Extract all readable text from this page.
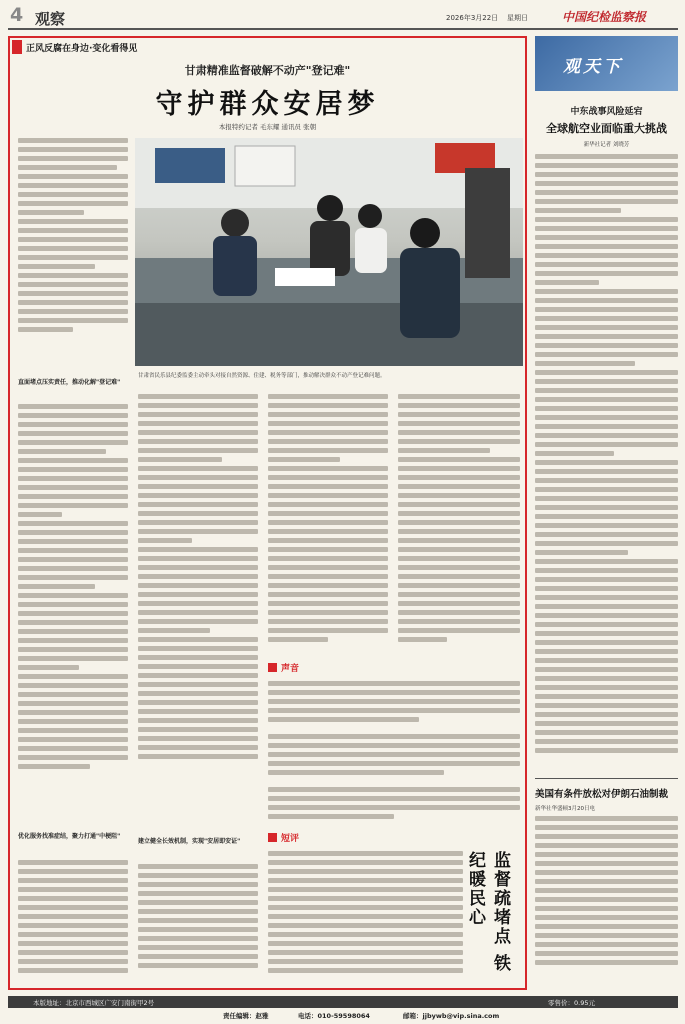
4 观察	2026年3月22日 星期日	中国纪检监察报
正风反腐在身边·变化看得见
甘肃精准监督破解不动产"登记难"
守护群众安居梦
本报特约记者 毛东耀 通讯员 张朝
甘肃省民乐县纪委监委主动牵头对接自然资源、住建、税务等部门，推动解决群众不动产登记难问题。
直面堵点压实责任，推动化解"登记难"
优化服务找准症结，聚力打通"中梗阻"
声音
短评
监督疏堵点 铁纪暖民心
建立健全长效机制，实现"安居即安证"
观天下
中东战事风险延宕
全球航空业面临重大挑战
新华社记者 刘晓芳
美国有条件放松对伊朗石油制裁
新华社华盛顿3月20日电
本版地址：北京市西城区广安门南街甲2号	零售价：0.95元
责任编辑：赵雅	电话：010-59598064	邮箱：jjbywb@vip.sina.com
